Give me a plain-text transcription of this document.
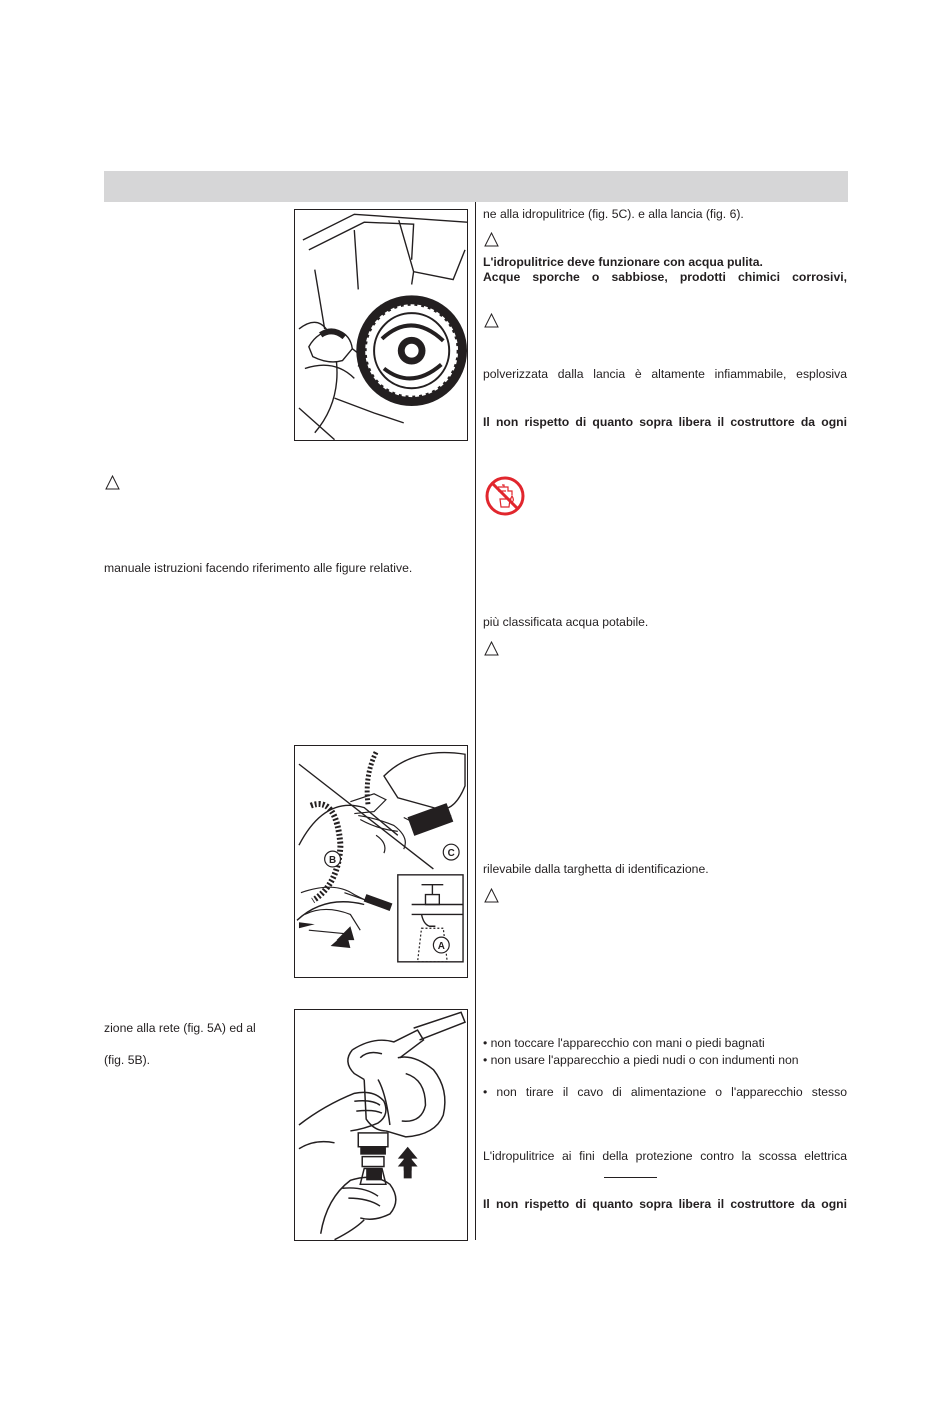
manuale istruzioni facendo riferimento alle figure relative.
B
C
A
zione alla rete (fig. 5A) ed al
(fig. 5B).
ne alla idropulitrice (fig. 5C). e alla lancia (fig. 6).
L'idropulitrice deve funzionare con acqua pulita.
Acque sporche o sabbiose, prodotti chimici corrosivi,
polverizzata dalla lancia è altamente infiammabile, esplosiva
Il non rispetto di quanto sopra libera il costruttore da ogni
più classificata acqua potabile.
rilevabile dalla targhetta di identificazione.
• non toccare l'apparecchio con mani o piedi bagnati
• non usare l'apparecchio a piedi nudi o con indumenti non
• non tirare il cavo di alimentazione o l'apparecchio stesso
L'idropulitrice ai fini della protezione contro la scossa elettrica
Il non rispetto di quanto sopra libera il costruttore da ogni
